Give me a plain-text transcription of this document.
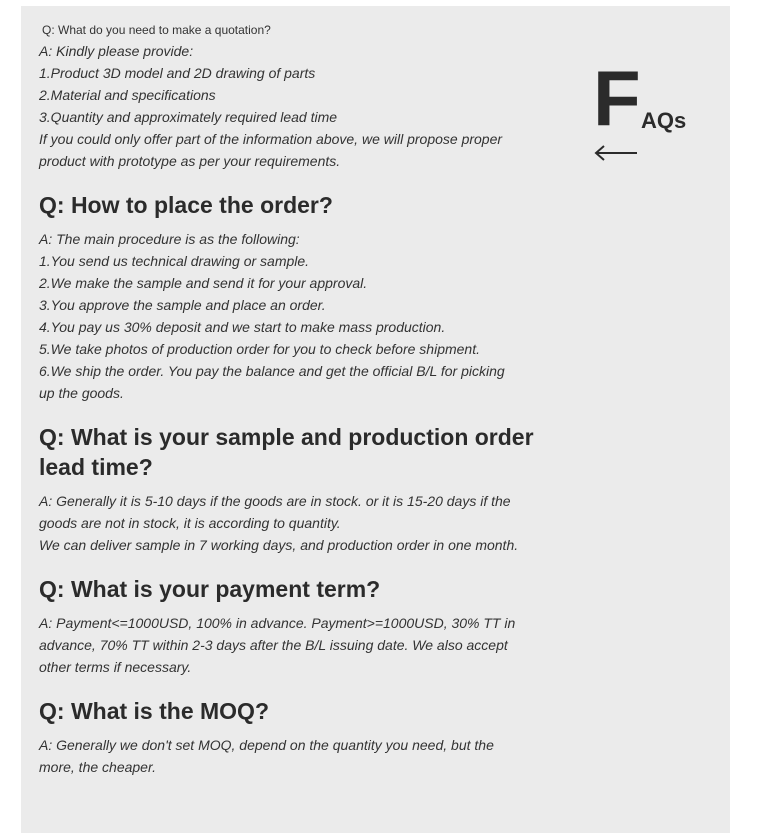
Q: What do you need to make a quotation?
A: Kindly please provide:
1.Product 3D model and 2D drawing of parts
2.Material and specifications
3.Quantity and approximately required lead time
If you could only offer part of the information above, we will propose proper
product with prototype as per your requirements.
Q: How to place the order?
A: The main procedure is as the following:
1.You send us technical drawing or sample.
2.We make the sample and send it for your approval.
3.You approve the sample and place an order.
4.You pay us 30% deposit and we start to make mass production.
5.We take photos of production order for you to check before shipment.
6.We ship the order. You pay the balance and get the official B/L for picking
up the goods.
Q: What is your sample and production order lead time?
A: Generally it is 5-10 days if the goods are in stock. or it is 15-20 days if the
goods are not in stock, it is according to quantity.
We can deliver sample in 7 working days, and production order in one month.
Q: What is your payment term?
A: Payment<=1000USD, 100% in advance. Payment>=1000USD, 30% TT in
advance, 70% TT within 2-3 days after the B/L issuing date. We also accept
other terms if necessary.
Q: What is the MOQ?
A: Generally we don't set MOQ, depend on the quantity you need, but the
more, the cheaper.
F AQs
